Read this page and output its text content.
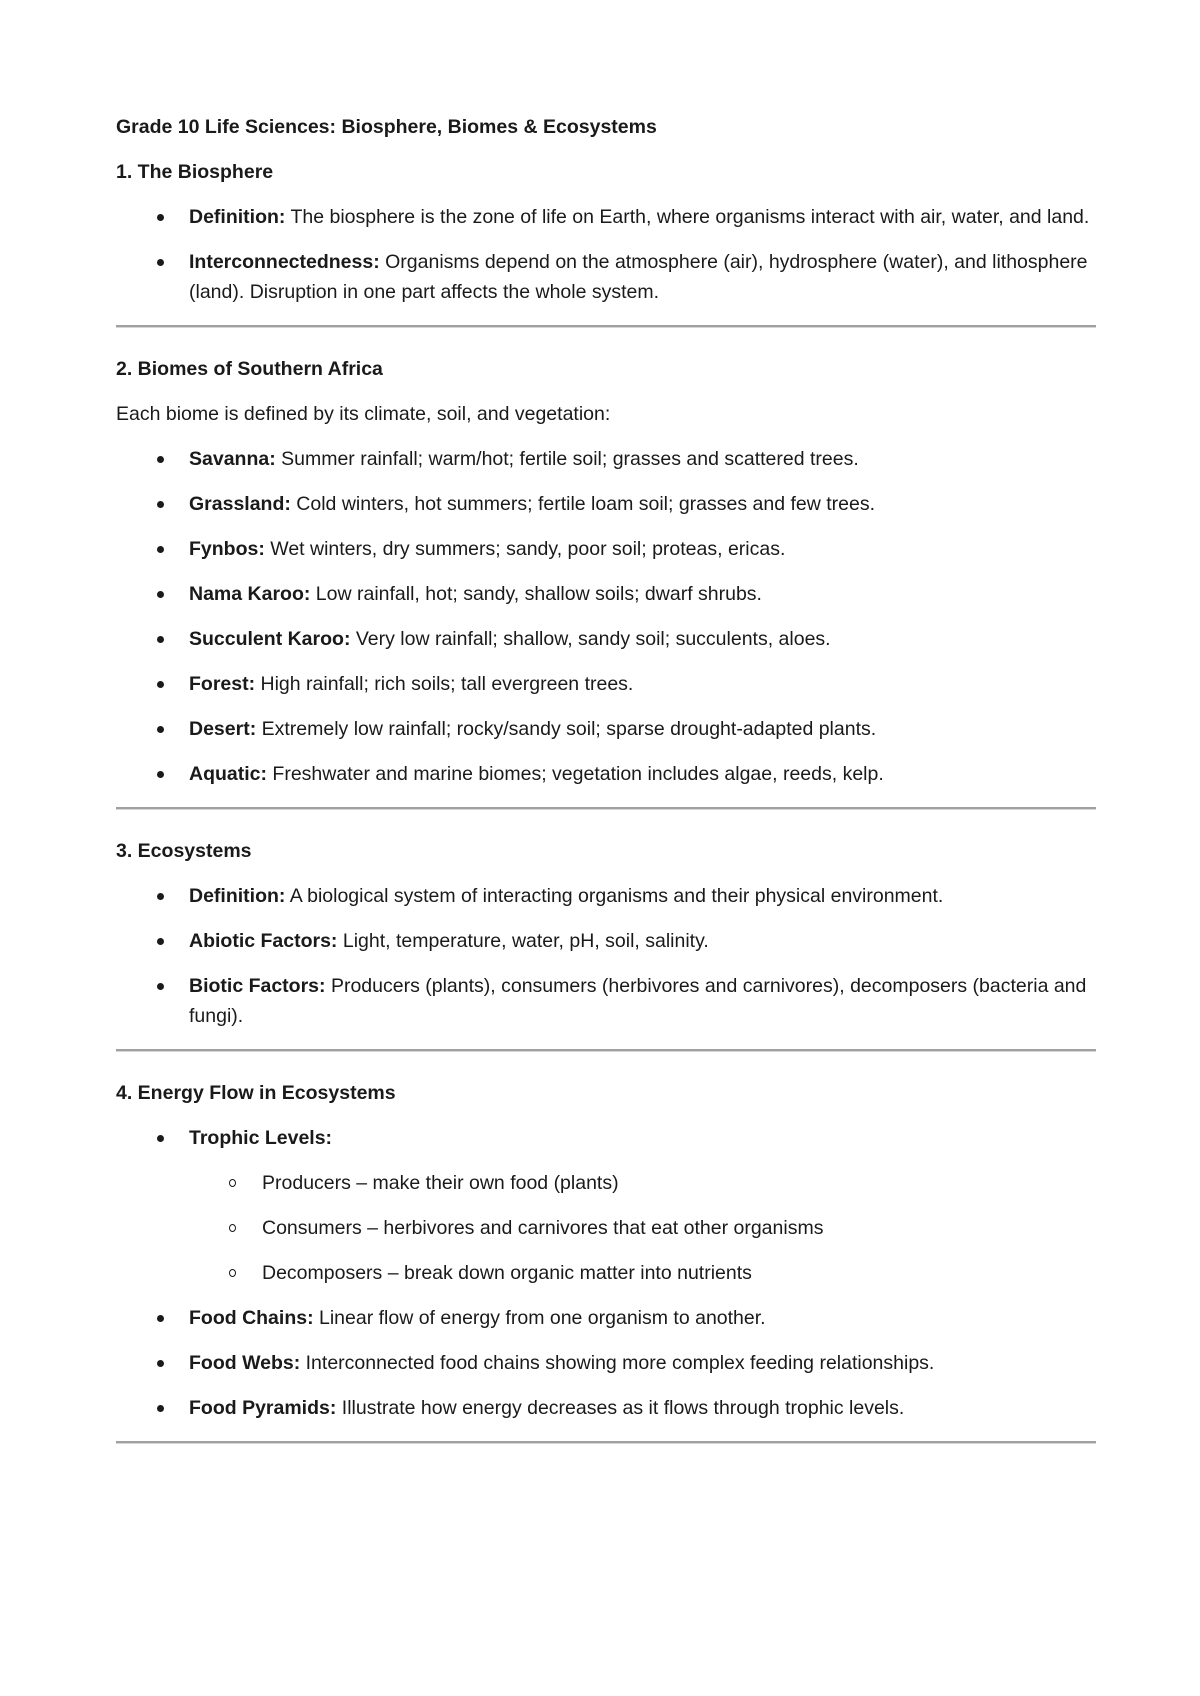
Grade 10 Life Sciences: Biosphere, Biomes & Ecosystems

1. The Biosphere

Definition: The biosphere is the zone of life on Earth, where organisms interact with air, water, and land.
Interconnectedness: Organisms depend on the atmosphere (air), hydrosphere (water), and lithosphere (land). Disruption in one part affects the whole system.

2. Biomes of Southern Africa

Each biome is defined by its climate, soil, and vegetation:

Savanna: Summer rainfall; warm/hot; fertile soil; grasses and scattered trees.
Grassland: Cold winters, hot summers; fertile loam soil; grasses and few trees.
Fynbos: Wet winters, dry summers; sandy, poor soil; proteas, ericas.
Nama Karoo: Low rainfall, hot; sandy, shallow soils; dwarf shrubs.
Succulent Karoo: Very low rainfall; shallow, sandy soil; succulents, aloes.
Forest: High rainfall; rich soils; tall evergreen trees.
Desert: Extremely low rainfall; rocky/sandy soil; sparse drought-adapted plants.
Aquatic: Freshwater and marine biomes; vegetation includes algae, reeds, kelp.

3. Ecosystems

Definition: A biological system of interacting organisms and their physical environment.
Abiotic Factors: Light, temperature, water, pH, soil, salinity.
Biotic Factors: Producers (plants), consumers (herbivores and carnivores), decomposers (bacteria and fungi).

4. Energy Flow in Ecosystems

Trophic Levels:
Producers – make their own food (plants)
Consumers – herbivores and carnivores that eat other organisms
Decomposers – break down organic matter into nutrients
Food Chains: Linear flow of energy from one organism to another.
Food Webs: Interconnected food chains showing more complex feeding relationships.
Food Pyramids: Illustrate how energy decreases as it flows through trophic levels.
